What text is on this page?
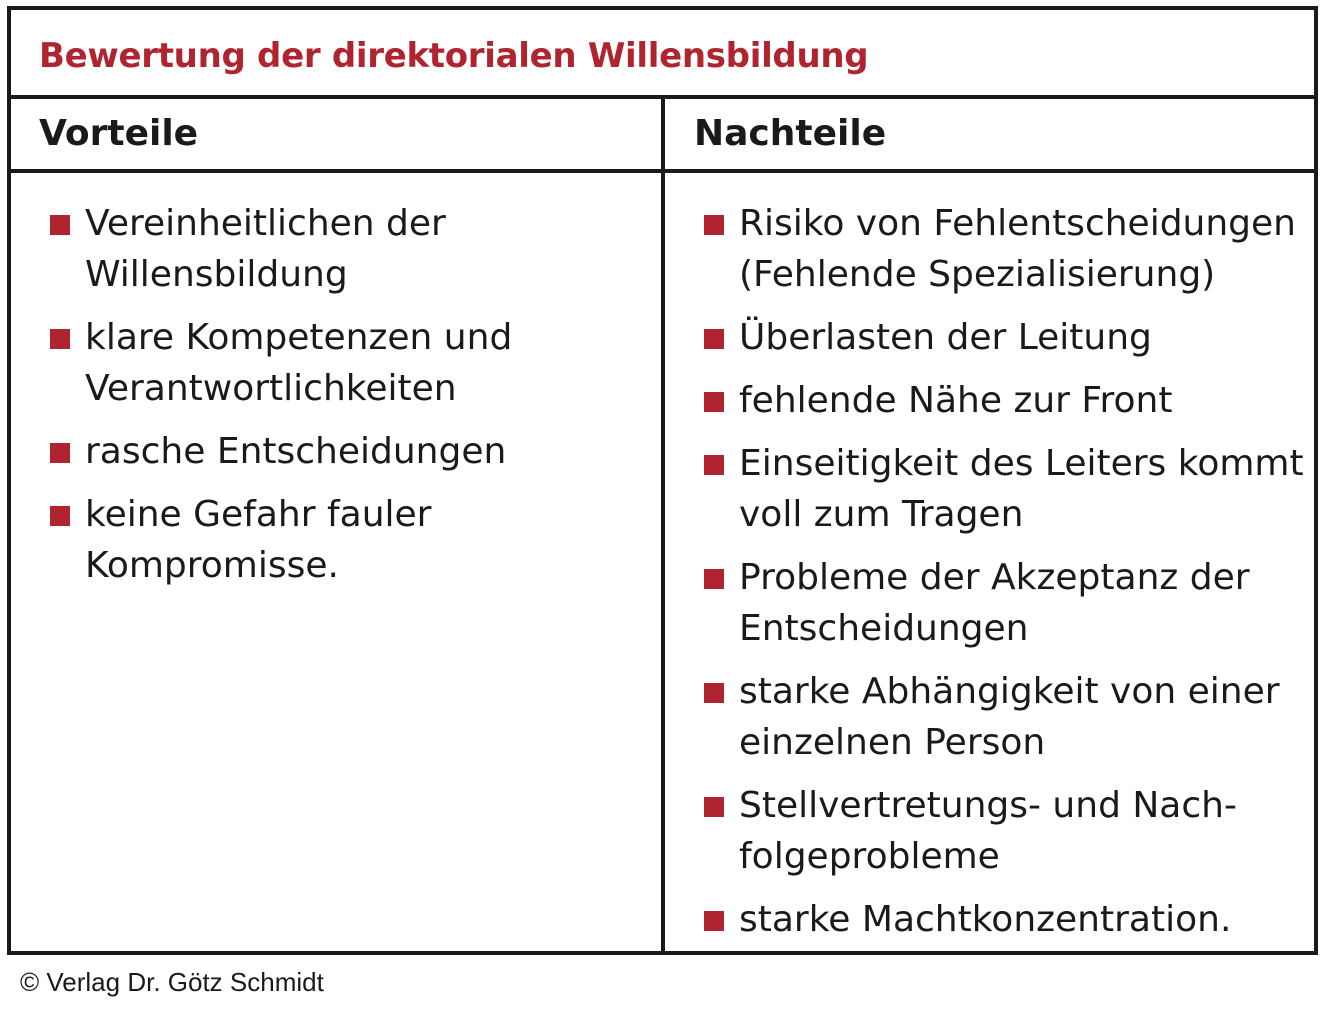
Bewertung der direktorialen Willensbildung
Vorteile	Nachteile
Vereinheitlichen der Willensbildung
klare Kompetenzen und Verantwortlichkeiten
rasche Entscheidungen
keine Gefahr fauler Kompromisse.
Risiko von Fehlentscheidungen (Fehlende Spezialisierung)
Überlasten der Leitung
fehlende Nähe zur Front
Einseitigkeit des Leiters kommt voll zum Tragen
Probleme der Akzeptanz der Entscheidungen
starke Abhängigkeit von einer einzelnen Person
Stellvertretungs- und Nach-folgeprobleme
starke Machtkonzentration.
© Verlag Dr. Götz Schmidt
